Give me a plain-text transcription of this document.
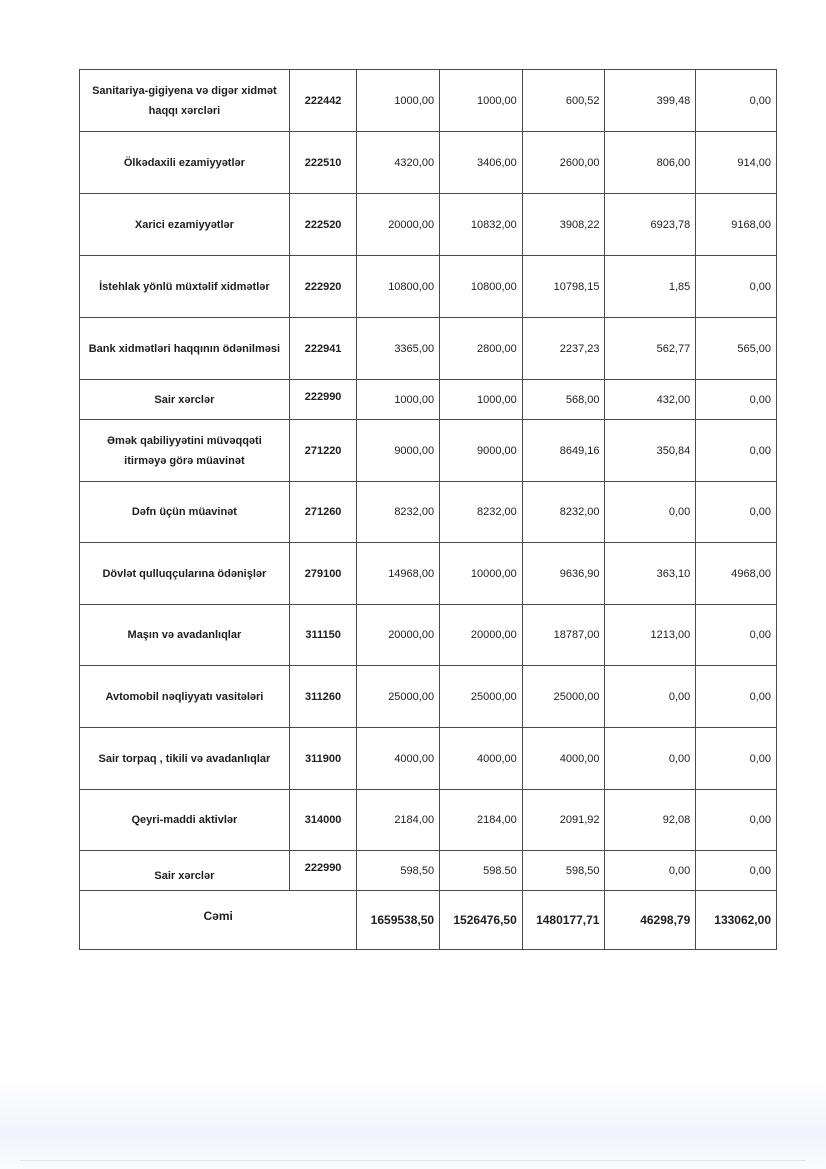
Sanitariya-gigiyena və digər xidmət haqqı xərcləri	222442	1000,00	1000,00	600,52	399,48	0,00
Ölkədaxili ezamiyyətlər	222510	4320,00	3406,00	2600,00	806,00	914,00
Xarici ezamiyyətlər	222520	20000,00	10832,00	3908,22	6923,78	9168,00
İstehlak yönlü müxtəlif xidmətlər	222920	10800,00	10800,00	10798,15	1,85	0,00
Bank xidmətləri haqqının ödənilməsi	222941	3365,00	2800,00	2237,23	562,77	565,00
Sair xərclər	222990	1000,00	1000,00	568,00	432,00	0,00
Əmək qabiliyyətini müvəqqəti itirməyə görə müavinət	271220	9000,00	9000,00	8649,16	350,84	0,00
Dəfn üçün müavinət	271260	8232,00	8232,00	8232,00	0,00	0,00
Dövlət qulluqçularına ödənişlər	279100	14968,00	10000,00	9636,90	363,10	4968,00
Maşın və avadanlıqlar	311150	20000,00	20000,00	18787,00	1213,00	0,00
Avtomobil nəqliyyatı vasitələri	311260	25000,00	25000,00	25000,00	0,00	0,00
Sair torpaq , tikili və avadanlıqlar	311900	4000,00	4000,00	4000,00	0,00	0,00
Qeyri-maddi aktivlər	314000	2184,00	2184,00	2091,92	92,08	0,00
Sair xərclər	222990	598,50	598.50	598,50	0,00	0,00
Cəmi		1659538,50	1526476,50	1480177,71	46298,79	133062,00
